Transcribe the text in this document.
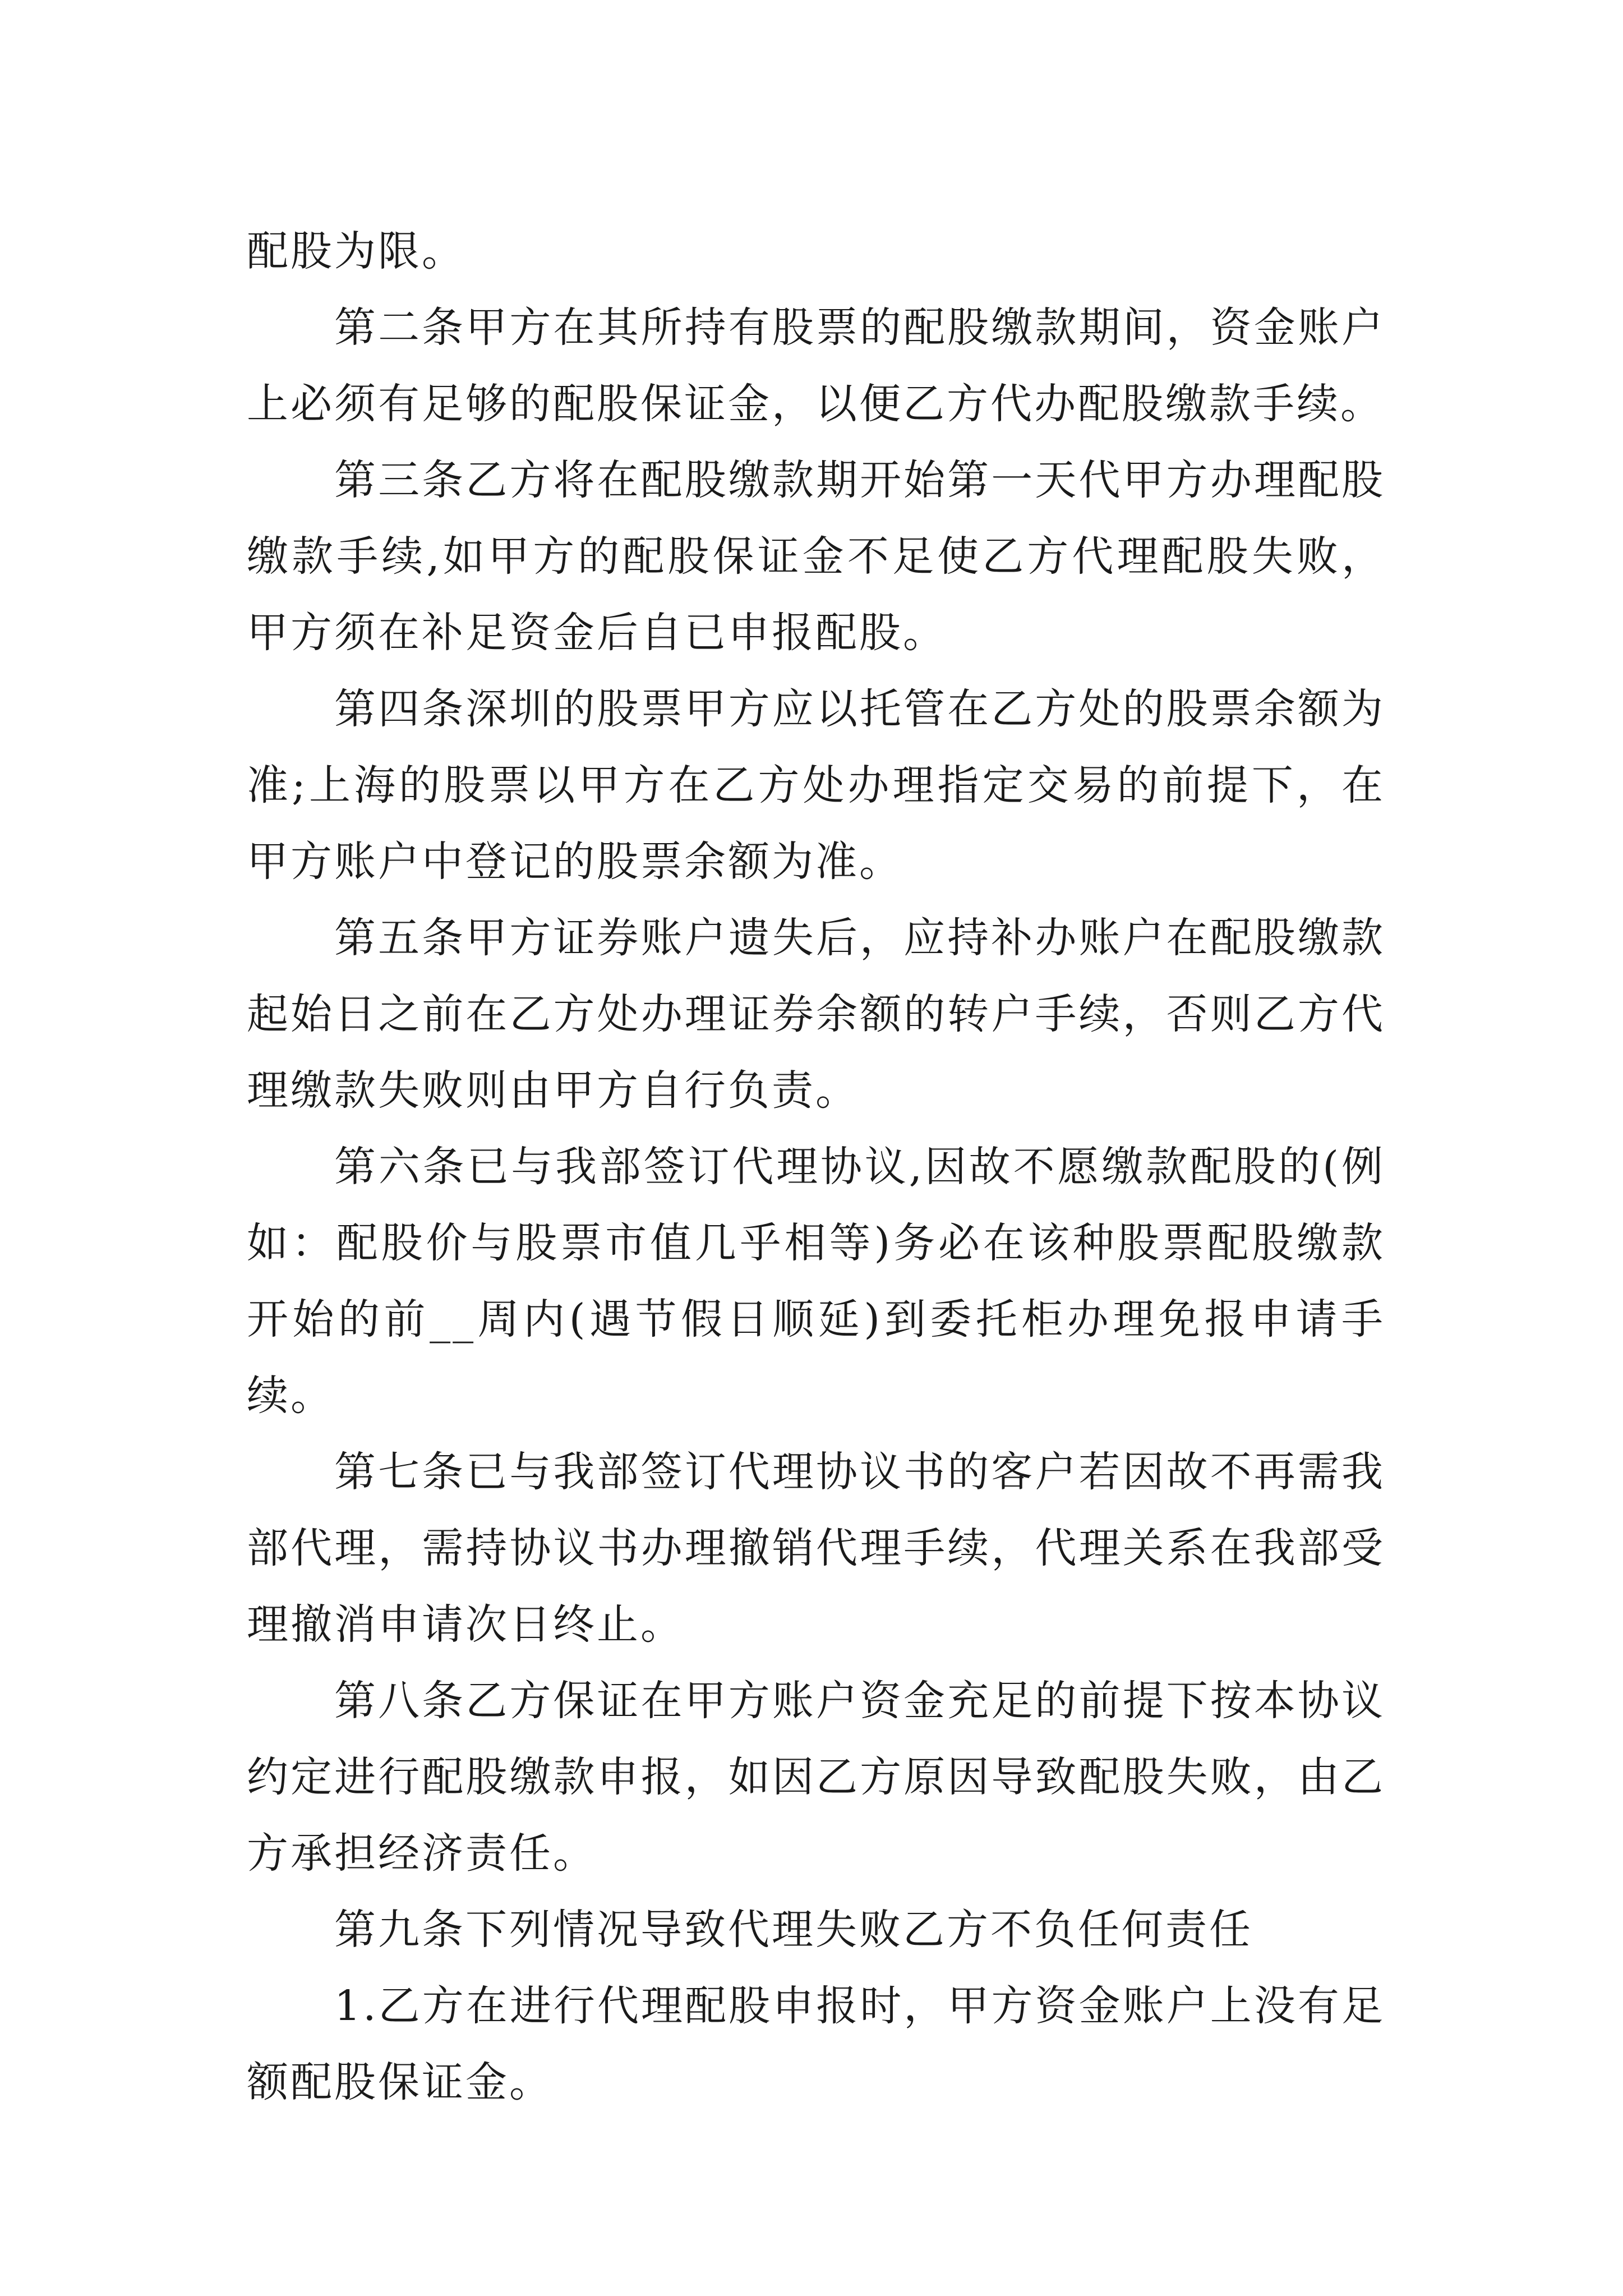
配股为限。

第二条甲方在其所持有股票的配股缴款期间，资金账户上必须有足够的配股保证金，以便乙方代办配股缴款手续。

第三条乙方将在配股缴款期开始第一天代甲方办理配股缴款手续,如甲方的配股保证金不足使乙方代理配股失败，甲方须在补足资金后自已申报配股。

第四条深圳的股票甲方应以托管在乙方处的股票余额为准;上海的股票以甲方在乙方处办理指定交易的前提下，在甲方账户中登记的股票余额为准。

第五条甲方证券账户遗失后，应持补办账户在配股缴款起始日之前在乙方处办理证券余额的转户手续，否则乙方代理缴款失败则由甲方自行负责。

第六条已与我部签订代理协议,因故不愿缴款配股的(例如：配股价与股票市值几乎相等)务必在该种股票配股缴款开始的前__周内(遇节假日顺延)到委托柜办理免报申请手续。

第七条已与我部签订代理协议书的客户若因故不再需我部代理，需持协议书办理撤销代理手续，代理关系在我部受理撤消申请次日终止。

第八条乙方保证在甲方账户资金充足的前提下按本协议约定进行配股缴款申报，如因乙方原因导致配股失败，由乙方承担经济责任。

第九条下列情况导致代理失败乙方不负任何责任

1.乙方在进行代理配股申报时，甲方资金账户上没有足额配股保证金。
